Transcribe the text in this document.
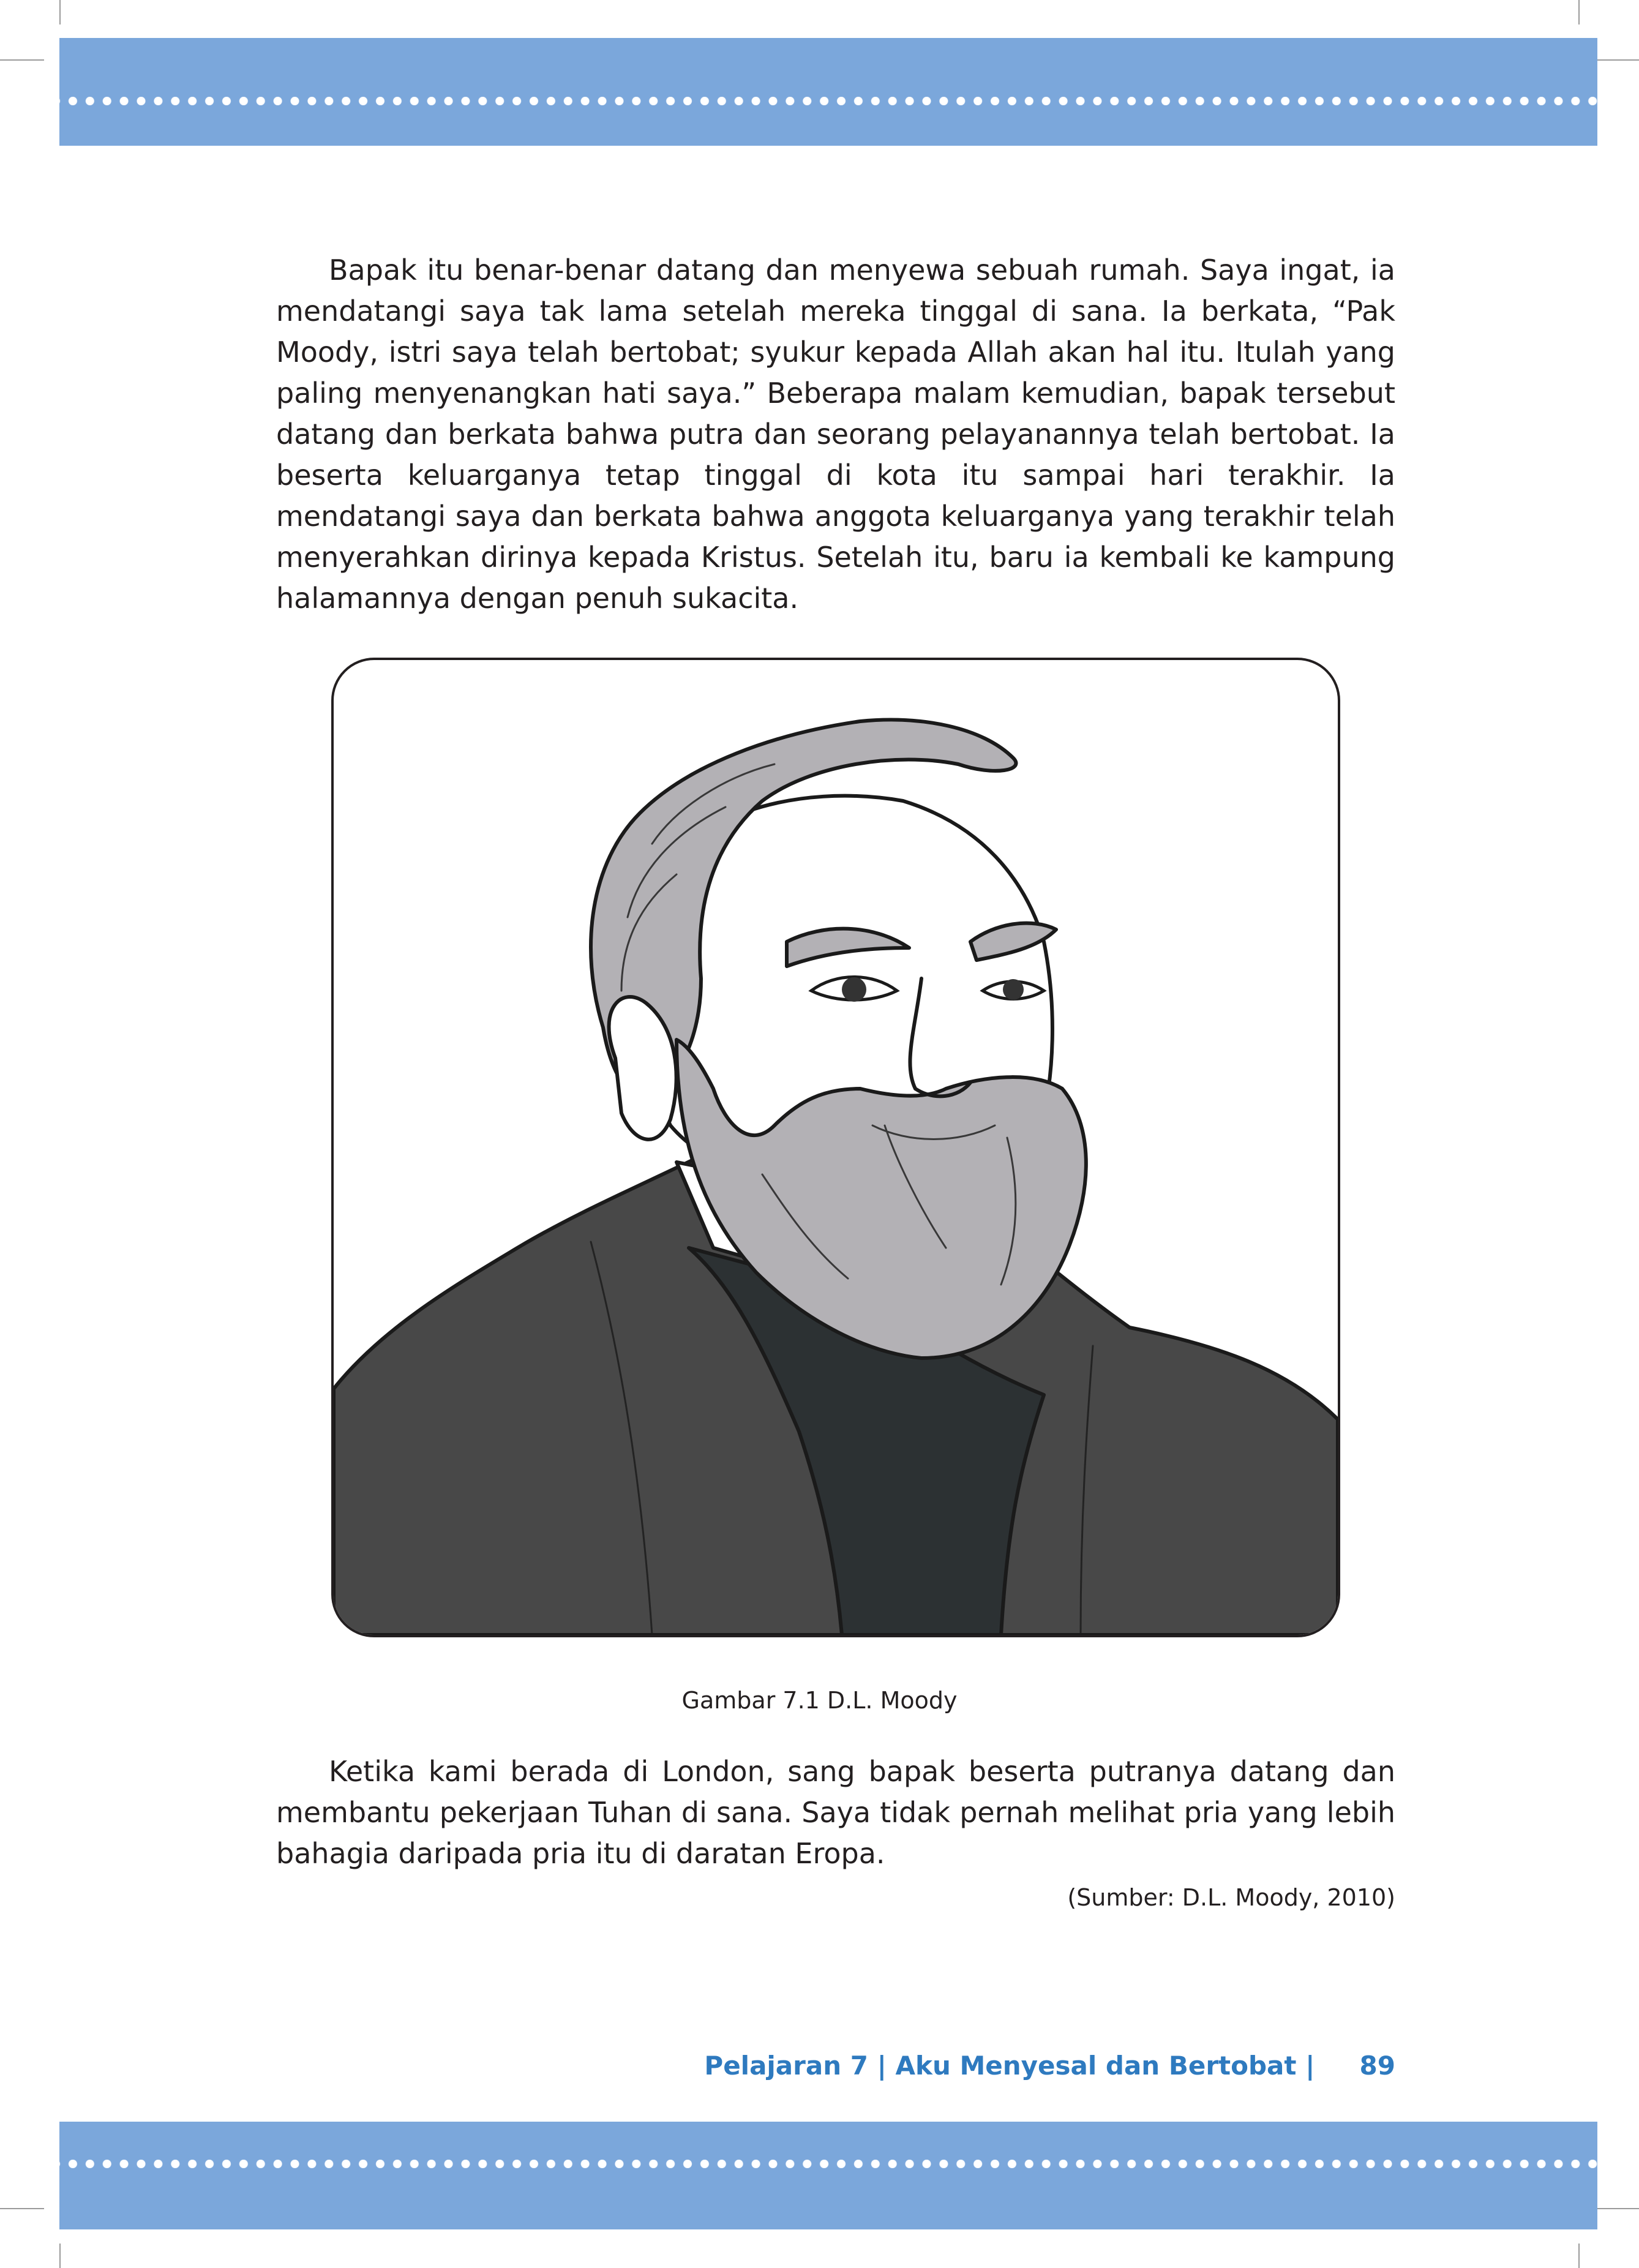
Bapak itu benar-benar datang dan menyewa sebuah rumah. Saya ingat, ia mendatangi saya tak lama setelah mereka tinggal di sana. Ia berkata, “Pak Moody, istri saya telah bertobat; syukur kepada Allah akan hal itu. Itulah yang paling menyenangkan hati saya.” Beberapa malam kemudian, bapak tersebut datang dan berkata bahwa putra dan seorang pelayanannya telah bertobat. Ia beserta keluarganya tetap tinggal di kota itu sampai hari terakhir. Ia mendatangi saya dan berkata bahwa anggota keluarganya yang terakhir telah menyerahkan dirinya kepada Kristus. Setelah itu, baru ia kembali ke kampung halamannya dengan penuh sukacita.

Gambar 7.1 D.L. Moody

Ketika kami berada di London, sang bapak beserta putranya datang dan membantu pekerjaan Tuhan di sana. Saya tidak pernah melihat pria yang lebih bahagia daripada pria itu di daratan Eropa.

(Sumber: D.L. Moody, 2010)

Pelajaran 7 | Aku Menyesal dan Bertobat | 89
